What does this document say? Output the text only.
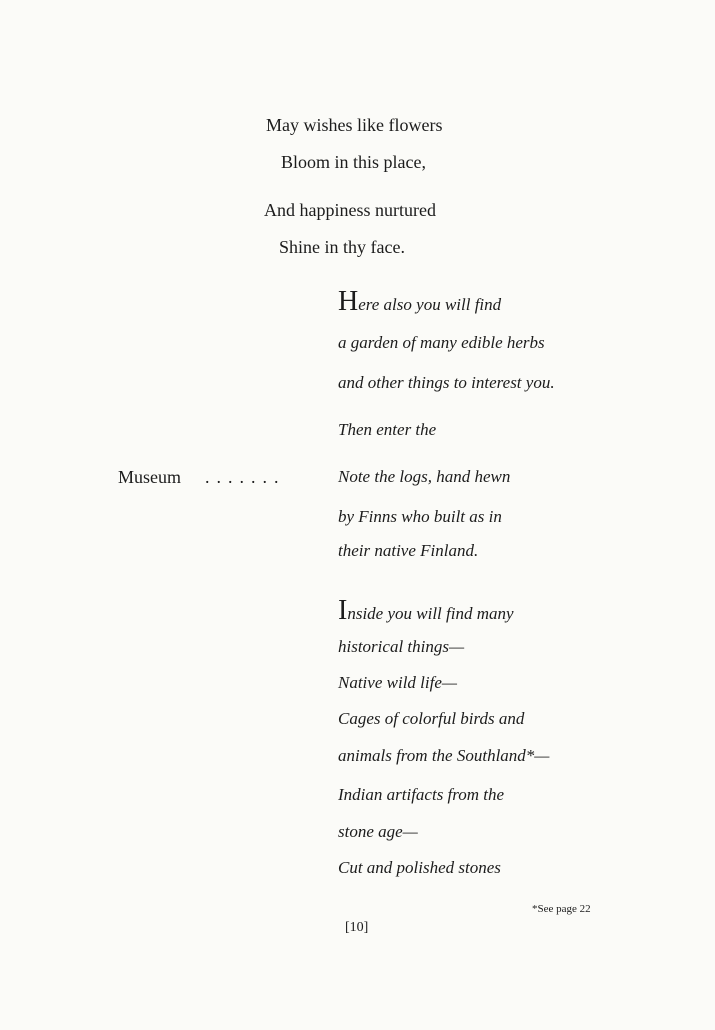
May wishes like flowers
Bloom in this place,
And happiness nurtured
Shine in thy face.
Here also you will find
a garden of many edible herbs
and other things to interest you.
Then enter the
Museum .......	Note the logs, hand hewn
by Finns who built as in
their native Finland.
Inside you will find many
historical things—
Native wild life—
Cages of colorful birds and
animals from the Southland*—
Indian artifacts from the
stone age—
Cut and polished stones
*See page 22
[10]
